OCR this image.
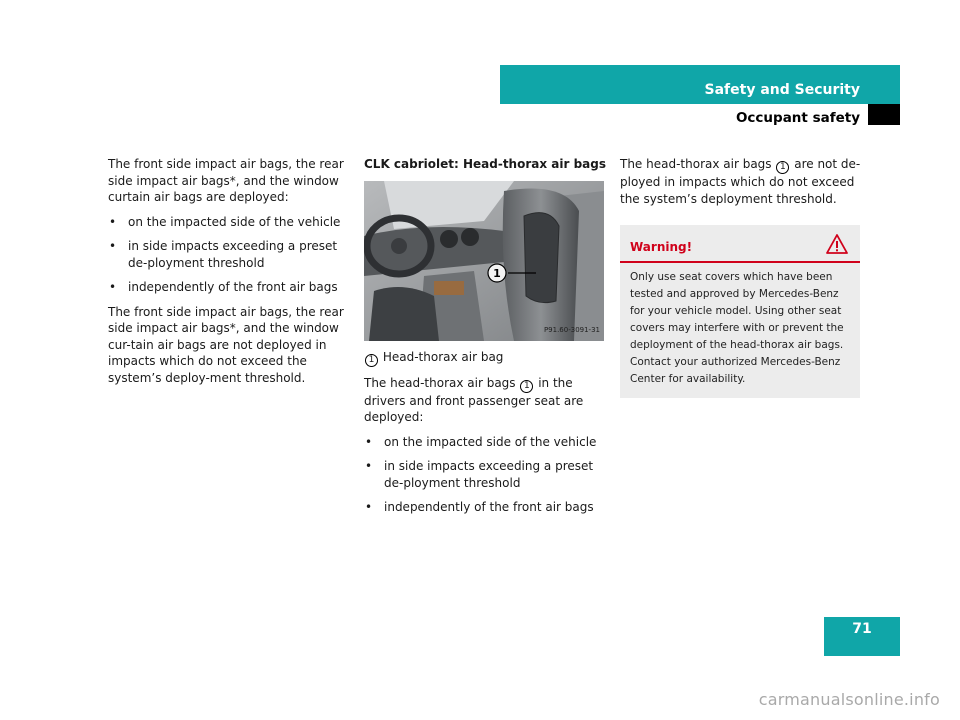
Safety and Security
Occupant safety

The front side impact air bags, the rear side impact air bags*, and the window curtain air bags are deployed:

• on the impacted side of the vehicle
• in side impacts exceeding a preset de-ployment threshold
• independently of the front air bags

The front side impact air bags, the rear side impact air bags*, and the window cur-tain air bags are not deployed in impacts which do not exceed the system’s deploy-ment threshold.

CLK cabriolet: Head-thorax air bags

1
P91.60-3091-31

1 Head-thorax air bag

The head-thorax air bags 1 in the drivers and front passenger seat are deployed:

• on the impacted side of the vehicle
• in side impacts exceeding a preset de-ployment threshold
• independently of the front air bags

The head-thorax air bags 1 are not de-ployed in impacts which do not exceed the system’s deployment threshold.

Warning!

Only use seat covers which have been tested and approved by Mercedes-Benz for your vehicle model. Using other seat covers may interfere with or prevent the deployment of the head-thorax air bags. Contact your authorized Mercedes-Benz Center for availability.

71
carmanualsonline.info
